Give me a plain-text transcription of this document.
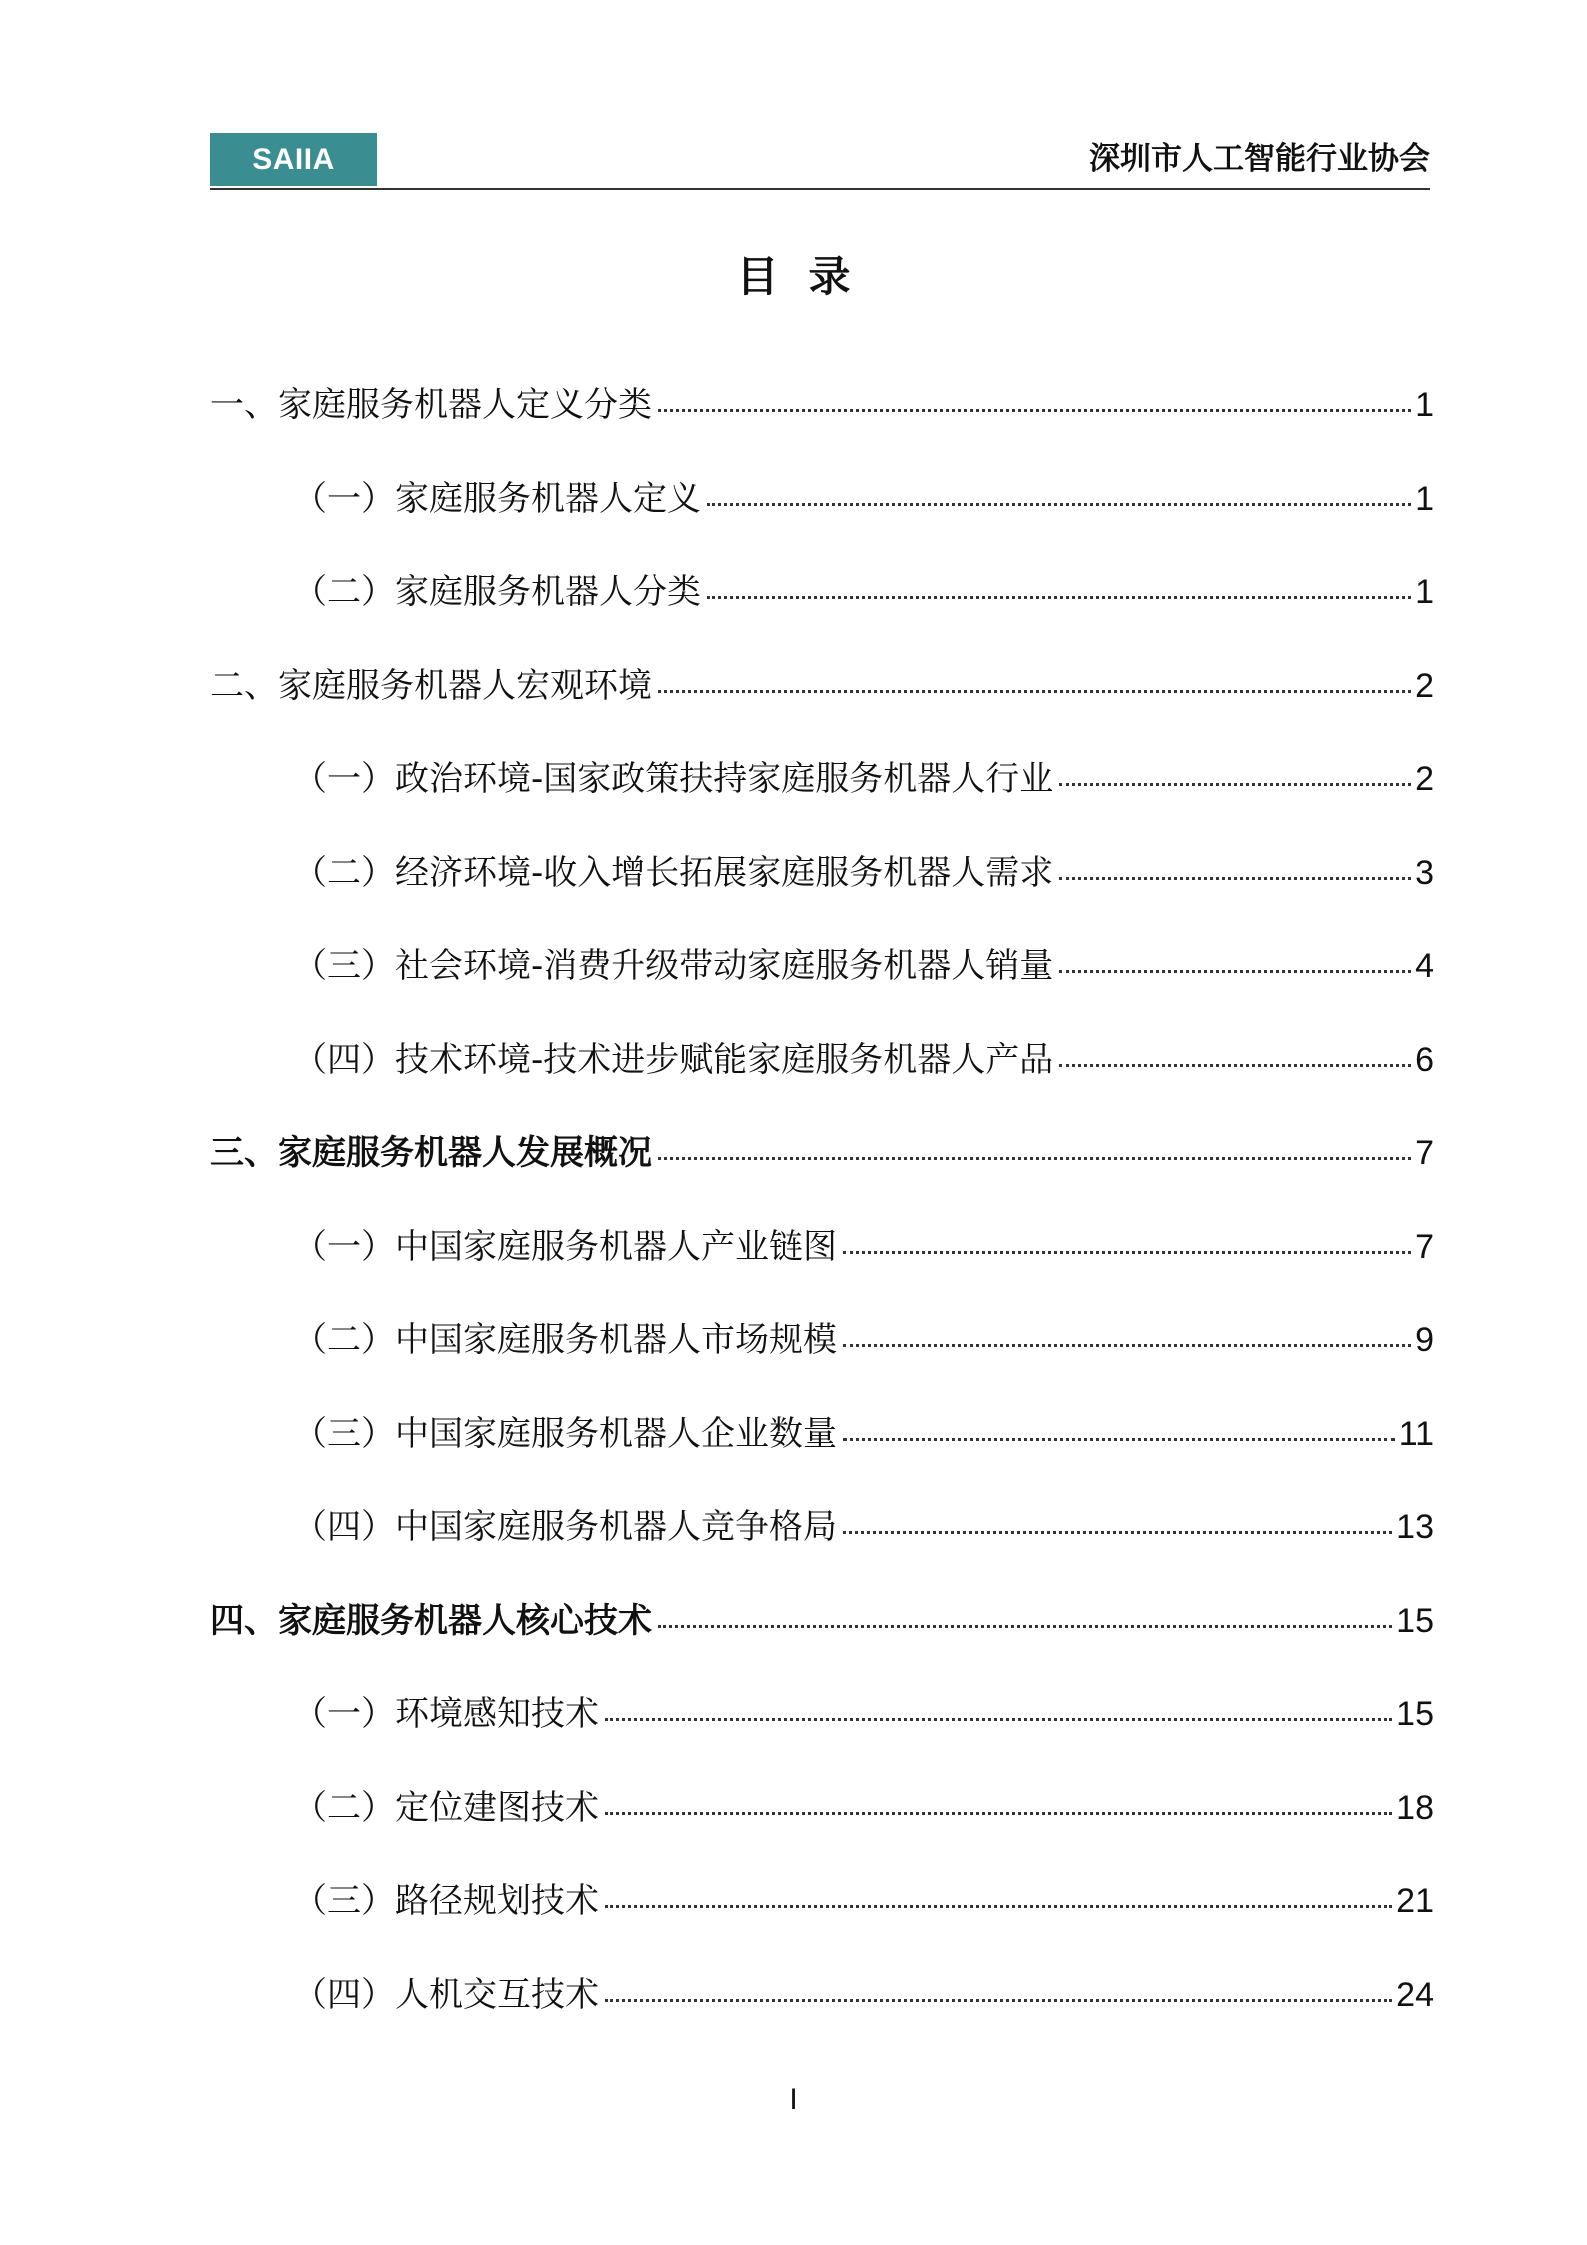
SAIIA	深圳市人工智能行业协会
目录
一、家庭服务机器人定义分类	1
（一）家庭服务机器人定义	1
（二）家庭服务机器人分类	1
二、家庭服务机器人宏观环境	2
（一）政治环境-国家政策扶持家庭服务机器人行业	2
（二）经济环境-收入增长拓展家庭服务机器人需求	3
（三）社会环境-消费升级带动家庭服务机器人销量	4
（四）技术环境-技术进步赋能家庭服务机器人产品	6
三、家庭服务机器人发展概况	7
（一）中国家庭服务机器人产业链图	7
（二）中国家庭服务机器人市场规模	9
（三）中国家庭服务机器人企业数量	11
（四）中国家庭服务机器人竞争格局	13
四、家庭服务机器人核心技术	15
（一）环境感知技术	15
（二）定位建图技术	18
（三）路径规划技术	21
（四）人机交互技术	24
I
